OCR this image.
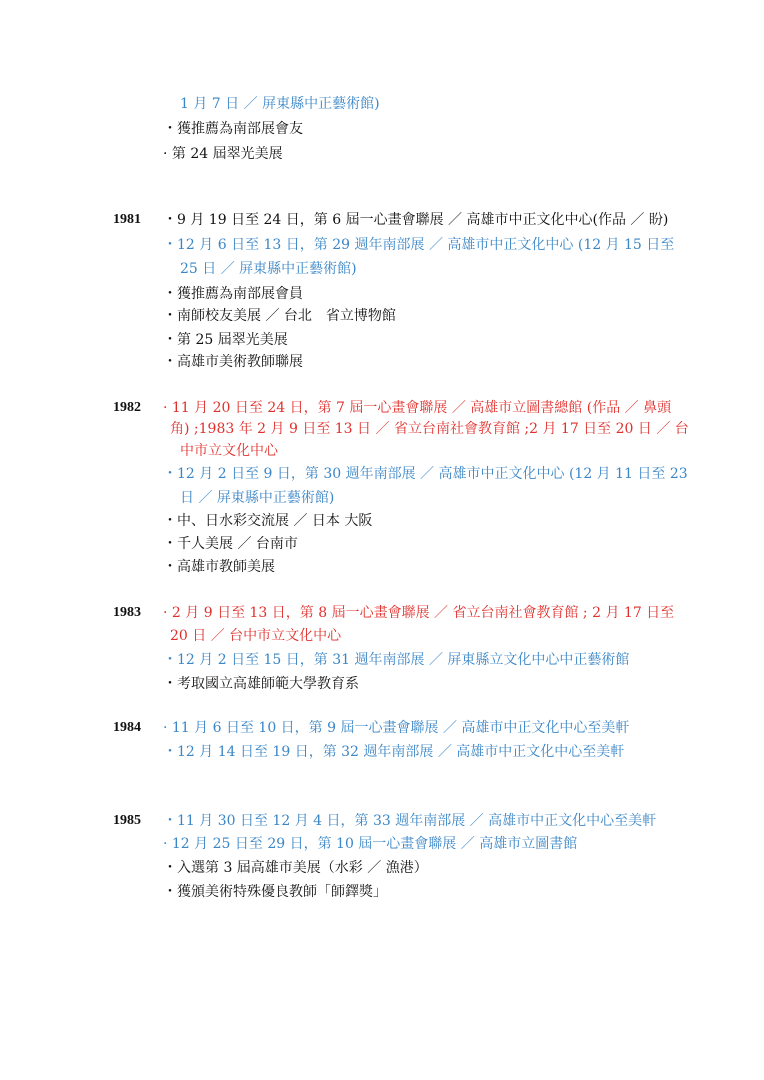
1 月 7 日 ／ 屏東縣中正藝術館)
・獲推薦為南部展會友
· 第 24 屆翠光美展
1981 ・9 月 19 日至 24 日，第 6 屆一心畫會聯展 ／ 高雄市中正文化中心(作品 ／ 盼)
・12 月 6 日至 13 日，第 29 週年南部展 ／ 高雄市中正文化中心 (12 月 15 日至
25 日 ／ 屏東縣中正藝術館)
・獲推薦為南部展會員
・南師校友美展 ／ 台北　省立博物館
・第 25 屆翠光美展
・高雄市美術教師聯展
1982 · 11 月 20 日至 24 日，第 7 屆一心畫會聯展 ／ 高雄市立圖書總館 (作品 ／ 鼻頭
角) ;1983 年 2 月 9 日至 13 日 ／ 省立台南社會教育館 ;2 月 17 日至 20 日 ／ 台
中市立文化中心
・12 月 2 日至 9 日，第 30 週年南部展 ／ 高雄市中正文化中心 (12 月 11 日至 23
日 ／ 屏東縣中正藝術館)
・中、日水彩交流展 ／ 日本 大阪
・千人美展 ／ 台南市
・高雄市教師美展
1983 · 2 月 9 日至 13 日，第 8 屆一心畫會聯展 ／ 省立台南社會教育館 ; 2 月 17 日至
20 日 ／ 台中市立文化中心
・12 月 2 日至 15 日，第 31 週年南部展 ／ 屏東縣立文化中心中正藝術館
・考取國立高雄師範大學教育系
1984 · 11 月 6 日至 10 日，第 9 屆一心畫會聯展 ／ 高雄市中正文化中心至美軒
・12 月 14 日至 19 日，第 32 週年南部展 ／ 高雄市中正文化中心至美軒
1985 ・11 月 30 日至 12 月 4 日，第 33 週年南部展 ／ 高雄市中正文化中心至美軒
· 12 月 25 日至 29 日，第 10 屆一心畫會聯展 ／ 高雄市立圖書館
・入選第 3 屆高雄市美展（水彩 ／ 漁港）
・獲頒美術特殊優良教師「師鐸獎」
